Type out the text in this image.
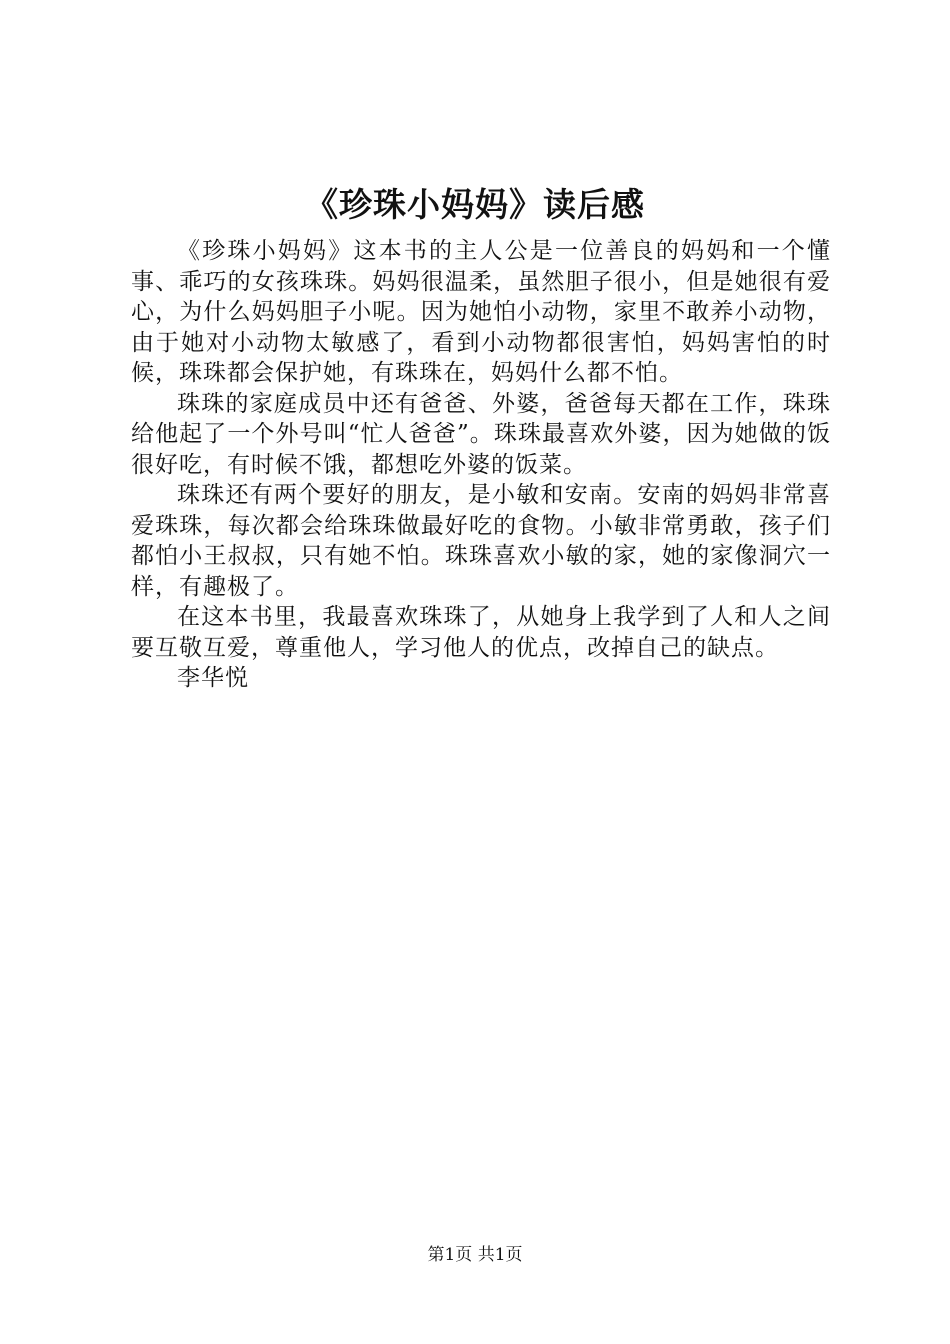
《珍珠小妈妈》读后感

《珍珠小妈妈》这本书的主人公是一位善良的妈妈和一个懂事、乖巧的女孩珠珠。妈妈很温柔，虽然胆子很小，但是她很有爱心，为什么妈妈胆子小呢。因为她怕小动物，家里不敢养小动物，由于她对小动物太敏感了，看到小动物都很害怕，妈妈害怕的时候，珠珠都会保护她，有珠珠在，妈妈什么都不怕。

珠珠的家庭成员中还有爸爸、外婆，爸爸每天都在工作，珠珠给他起了一个外号叫“忙人爸爸”。珠珠最喜欢外婆，因为她做的饭很好吃，有时候不饿，都想吃外婆的饭菜。

珠珠还有两个要好的朋友，是小敏和安南。安南的妈妈非常喜爱珠珠，每次都会给珠珠做最好吃的食物。小敏非常勇敢，孩子们都怕小王叔叔，只有她不怕。珠珠喜欢小敏的家，她的家像洞穴一样，有趣极了。

在这本书里，我最喜欢珠珠了，从她身上我学到了人和人之间要互敬互爱，尊重他人，学习他人的优点，改掉自己的缺点。

李华悦

第1页 共1页
